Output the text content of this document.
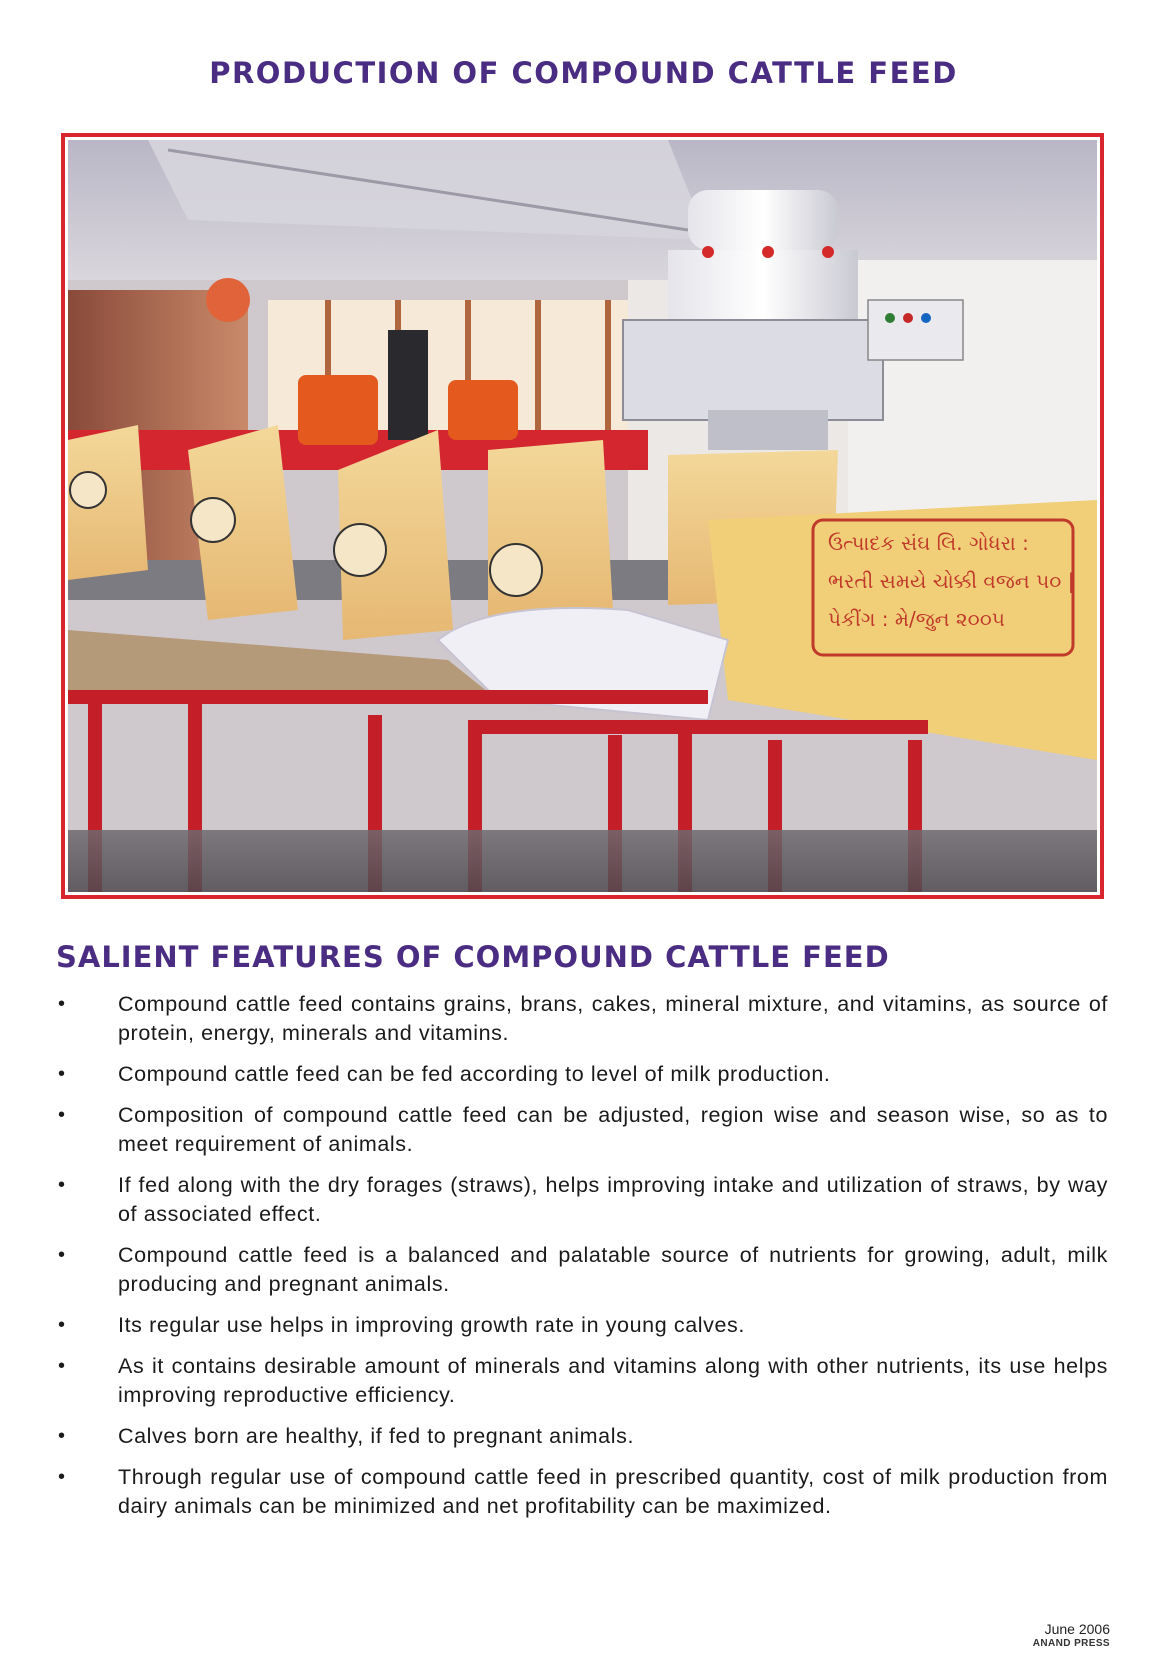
PRODUCTION OF COMPOUND CATTLE FEED
ઉત્પાદક સંઘ લિ. ગોધરા :
ભરતી સમયે ચોક્કી વજન ૫૦ |
પેકીંગ : મે/જુન ૨૦૦૫
SALIENT FEATURES OF COMPOUND CATTLE FEED
• Compound cattle feed contains grains, brans, cakes, mineral mixture, and vitamins, as source of protein, energy, minerals and vitamins.
• Compound cattle feed can be fed according to level of milk production.
• Composition of compound cattle feed can be adjusted, region wise and season wise, so as to meet requirement of animals.
• If fed along with the dry forages (straws), helps improving intake and utilization of straws, by way of associated effect.
• Compound cattle feed is a balanced and palatable source of nutrients for growing, adult, milk producing and pregnant animals.
• Its regular use helps in improving growth rate in young calves.
• As it contains desirable amount of minerals and vitamins along with other nutrients, its use helps improving reproductive efficiency.
• Calves born are healthy, if fed to pregnant animals.
• Through regular use of compound cattle feed in prescribed quantity, cost of milk production from dairy animals can be minimized and net profitability can be maximized.
June 2006
ANAND PRESS
